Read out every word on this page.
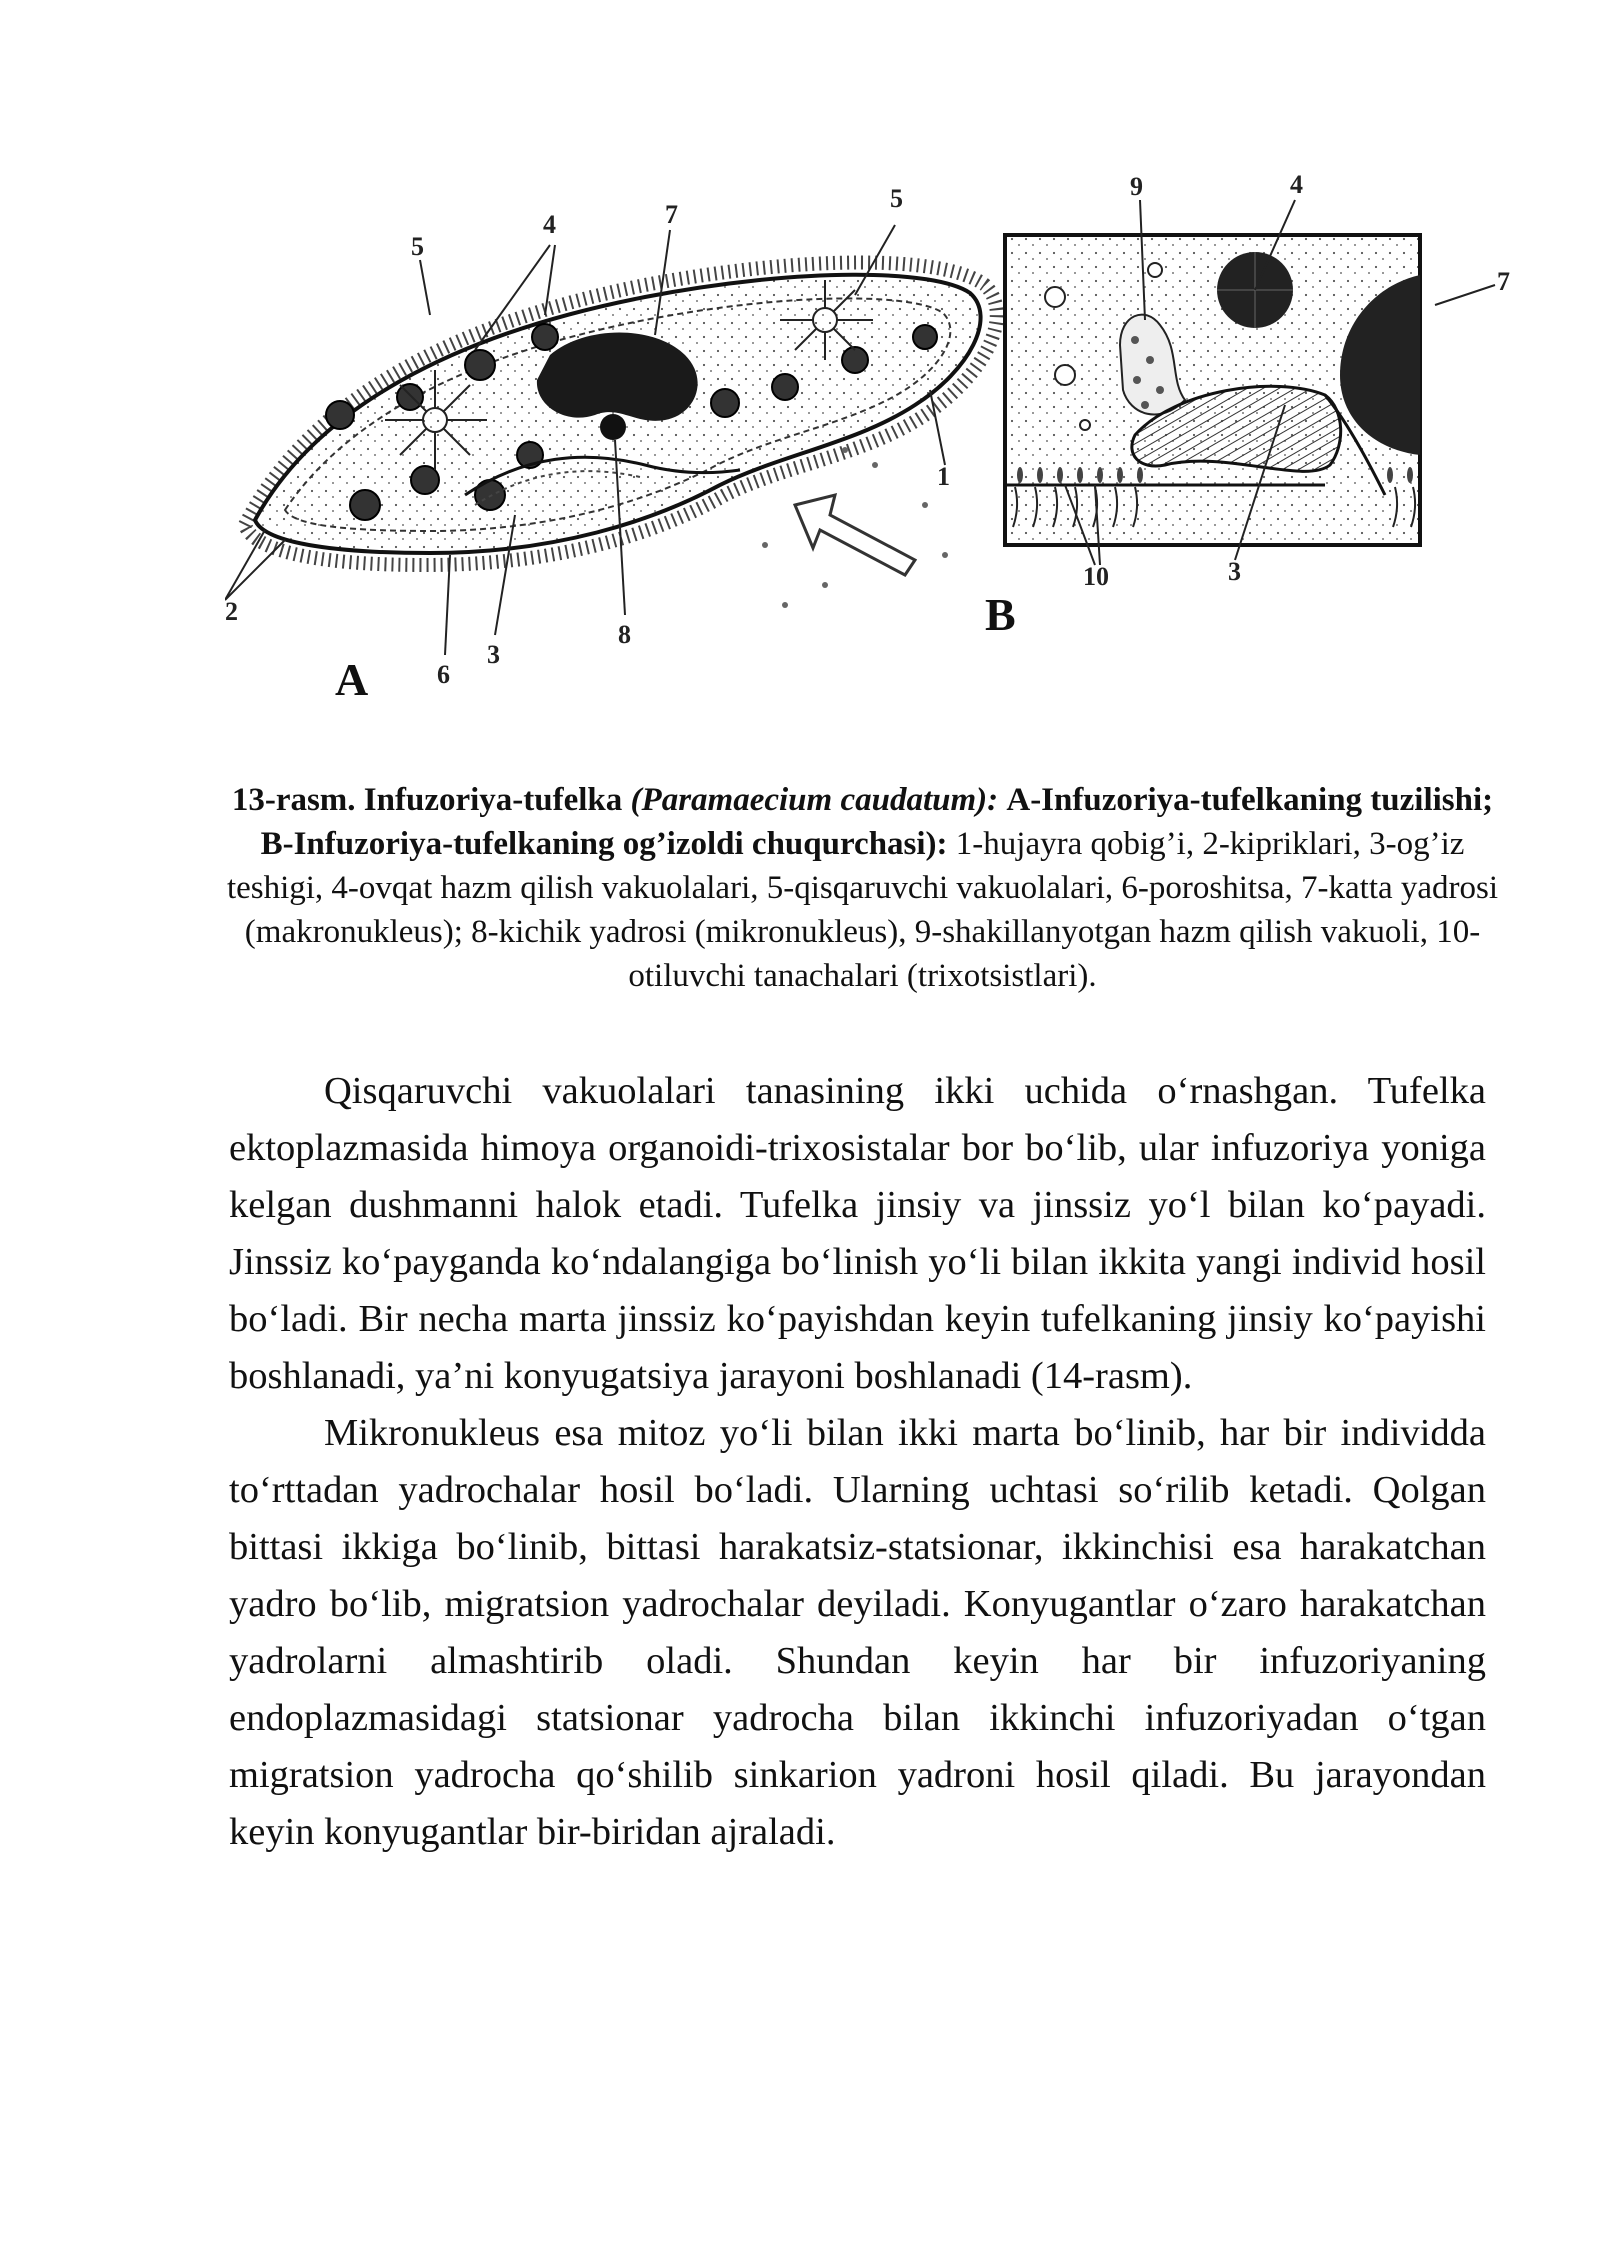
5
4	7
5
1
2
6
3
8
A
9	4
7
10	3
B
13-rasm. Infuzoriya-tufelka (Paramaecium caudatum): A-Infuzoriya-tufelkaning tuzilishi; B-Infuzoriya-tufelkaning og’izoldi chuqurchasi): 1-hujayra qobig’i, 2-kipriklari, 3-og’iz teshigi, 4-ovqat hazm qilish vakuolalari, 5-qisqaruvchi vakuolalari, 6-poroshitsa, 7-katta yadrosi (makronukleus); 8-kichik yadrosi (mikronukleus), 9-shakillanyotgan hazm qilish vakuoli, 10-otiluvchi tanachalari (trixotsistlari).

Qisqaruvchi vakuolalari tanasining ikki uchida o‘rnashgan. Tufelka ektoplazmasida himoya organoidi-trixosistalar bor bo‘lib, ular infuzoriya yoniga kelgan dushmanni halok etadi. Tufelka jinsiy va jinssiz yo‘l bilan ko‘payadi. Jinssiz ko‘payganda ko‘ndalangiga bo‘linish yo‘li bilan ikkita yangi individ hosil bo‘ladi. Bir necha marta jinssiz ko‘payishdan keyin tufelkaning jinsiy ko‘payishi boshlanadi, ya’ni konyugatsiya jarayoni boshlanadi (14-rasm).

Mikronukleus esa mitoz yo‘li bilan ikki marta bo‘linib, har bir individda to‘rttadan yadrochalar hosil bo‘ladi. Ularning uchtasi so‘rilib ketadi. Qolgan bittasi ikkiga bo‘linib, bittasi harakatsiz-statsionar, ikkinchisi esa harakatchan yadro bo‘lib, migratsion yadrochalar deyiladi. Konyugantlar o‘zaro harakatchan yadrolarni almashtirib oladi. Shundan keyin har bir infuzoriyaning endoplazmasidagi statsionar yadrocha bilan ikkinchi infuzoriyadan o‘tgan migratsion yadrocha qo‘shilib sinkarion yadroni hosil qiladi. Bu jarayondan keyin konyugantlar bir-biridan ajraladi.
